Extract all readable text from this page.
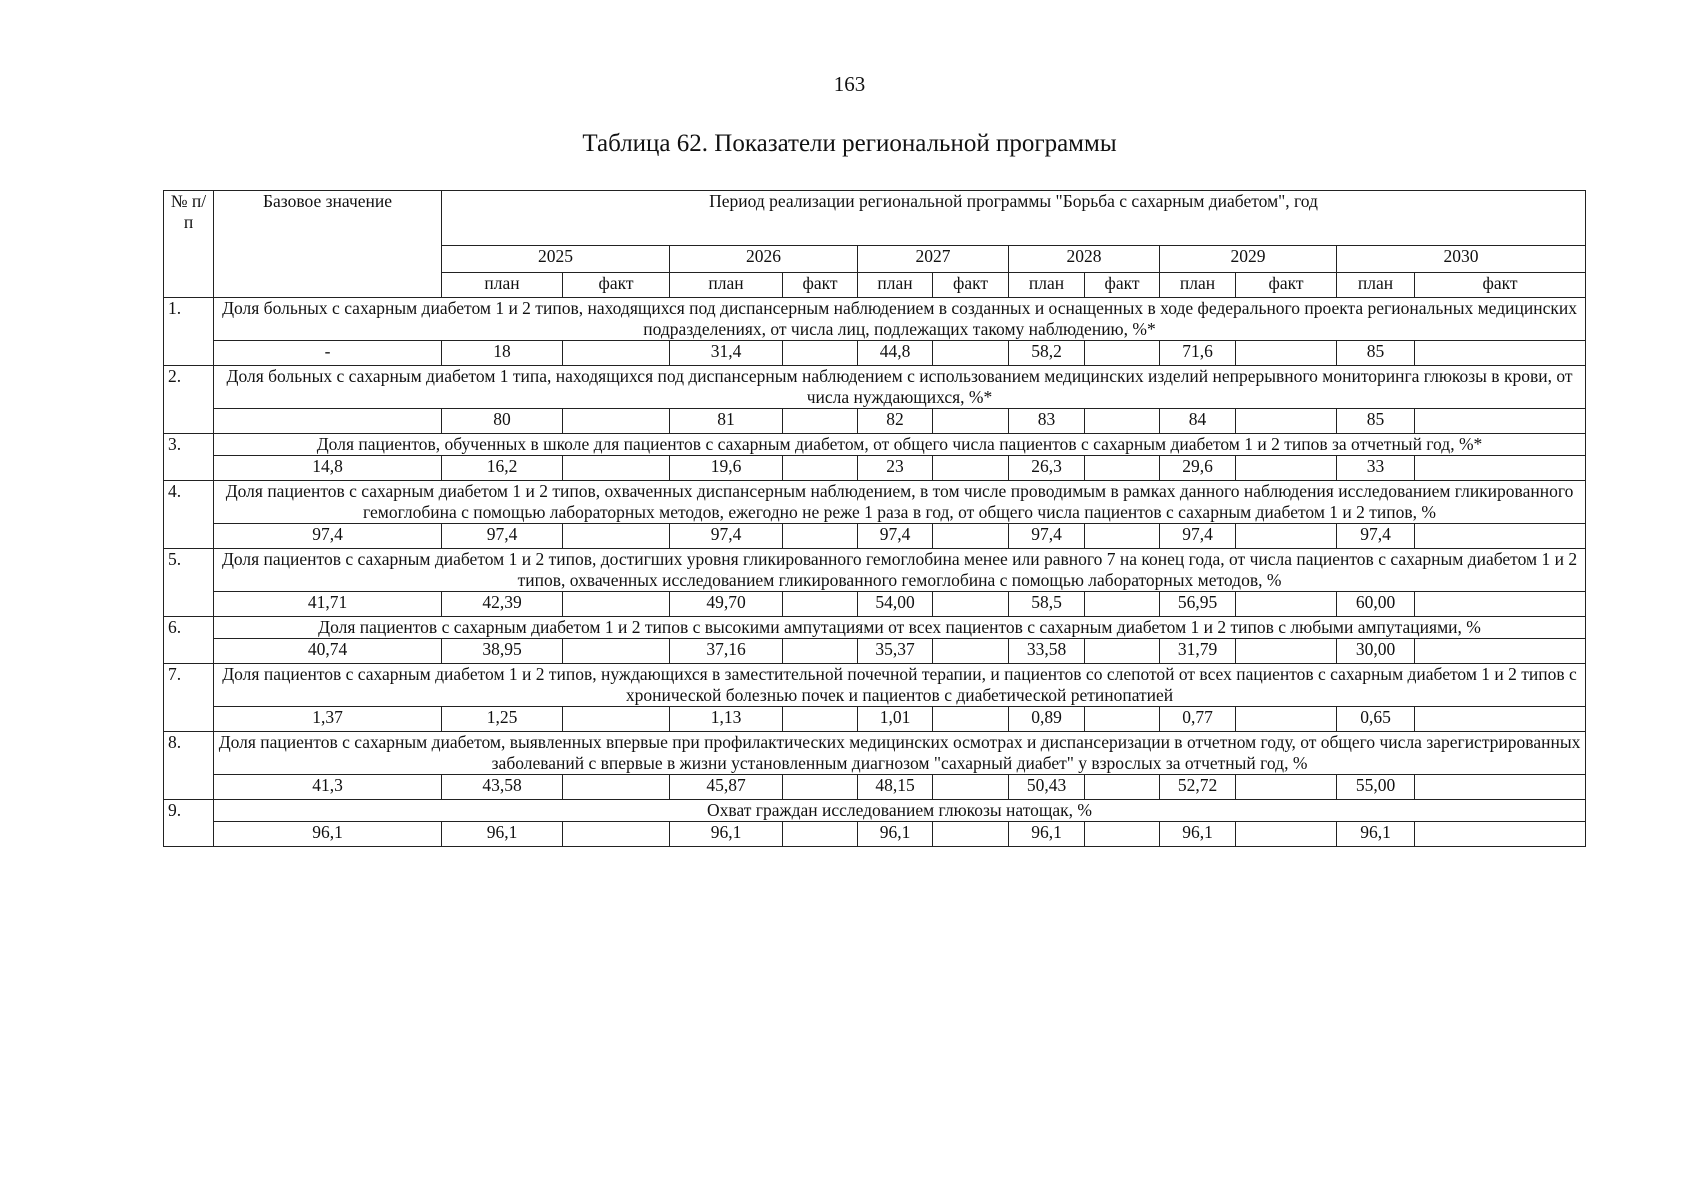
163
Таблица 62. Показатели региональной программы
№ п/п	Базовое значение	Период реализации региональной программы "Борьба с сахарным диабетом", год											
		2025		2026		2027		2028		2029		2030	
		план	факт	план	факт	план	факт	план	факт	план	факт	план	факт
1.	Доля больных с сахарным диабетом 1 и 2 типов, находящихся под диспансерным наблюдением в созданных и оснащенных в ходе федерального проекта региональных медицинских подразделениях, от числа лиц, подлежащих такому наблюдению, %*												
	-	18		31,4		44,8		58,2		71,6		85	
2.	Доля больных с сахарным диабетом 1 типа, находящихся под диспансерным наблюдением с использованием медицинских изделий непрерывного мониторинга глюкозы в крови, от числа нуждающихся, %*												
		80		81		82		83		84		85	
3.	Доля пациентов, обученных в школе для пациентов с сахарным диабетом, от общего числа пациентов с сахарным диабетом 1 и 2 типов за отчетный год, %*												
	14,8	16,2		19,6		23		26,3		29,6		33	
4.	Доля пациентов с сахарным диабетом 1 и 2 типов, охваченных диспансерным наблюдением, в том числе проводимым в рамках данного наблюдения исследованием гликированного гемоглобина с помощью лабораторных методов, ежегодно не реже 1 раза в год, от общего числа пациентов с сахарным диабетом 1 и 2 типов, %												
	97,4	97,4		97,4		97,4		97,4		97,4		97,4	
5.	Доля пациентов с сахарным диабетом 1 и 2 типов, достигших уровня гликированного гемоглобина менее или равного 7 на конец года, от числа пациентов с сахарным диабетом 1 и 2 типов, охваченных исследованием гликированного гемоглобина с помощью лабораторных методов, %												
	41,71	42,39		49,70		54,00		58,5		56,95		60,00	
6.	Доля пациентов с сахарным диабетом 1 и 2 типов с высокими ампутациями от всех пациентов с сахарным диабетом 1 и 2 типов с любыми ампутациями, %												
	40,74	38,95		37,16		35,37		33,58		31,79		30,00	
7.	Доля пациентов с сахарным диабетом 1 и 2 типов, нуждающихся в заместительной почечной терапии, и пациентов со слепотой от всех пациентов с сахарным диабетом 1 и 2 типов с хронической болезнью почек и пациентов с диабетической ретинопатией												
	1,37	1,25		1,13		1,01		0,89		0,77		0,65	
8.	Доля пациентов с сахарным диабетом, выявленных впервые при профилактических медицинских осмотрах и диспансеризации в отчетном году, от общего числа зарегистрированных заболеваний с впервые в жизни установленным диагнозом "сахарный диабет" у взрослых за отчетный год, %												
	41,3	43,58		45,87		48,15		50,43		52,72		55,00	
9.	Охват граждан исследованием глюкозы натощак, %												
	96,1	96,1		96,1		96,1		96,1		96,1		96,1	
